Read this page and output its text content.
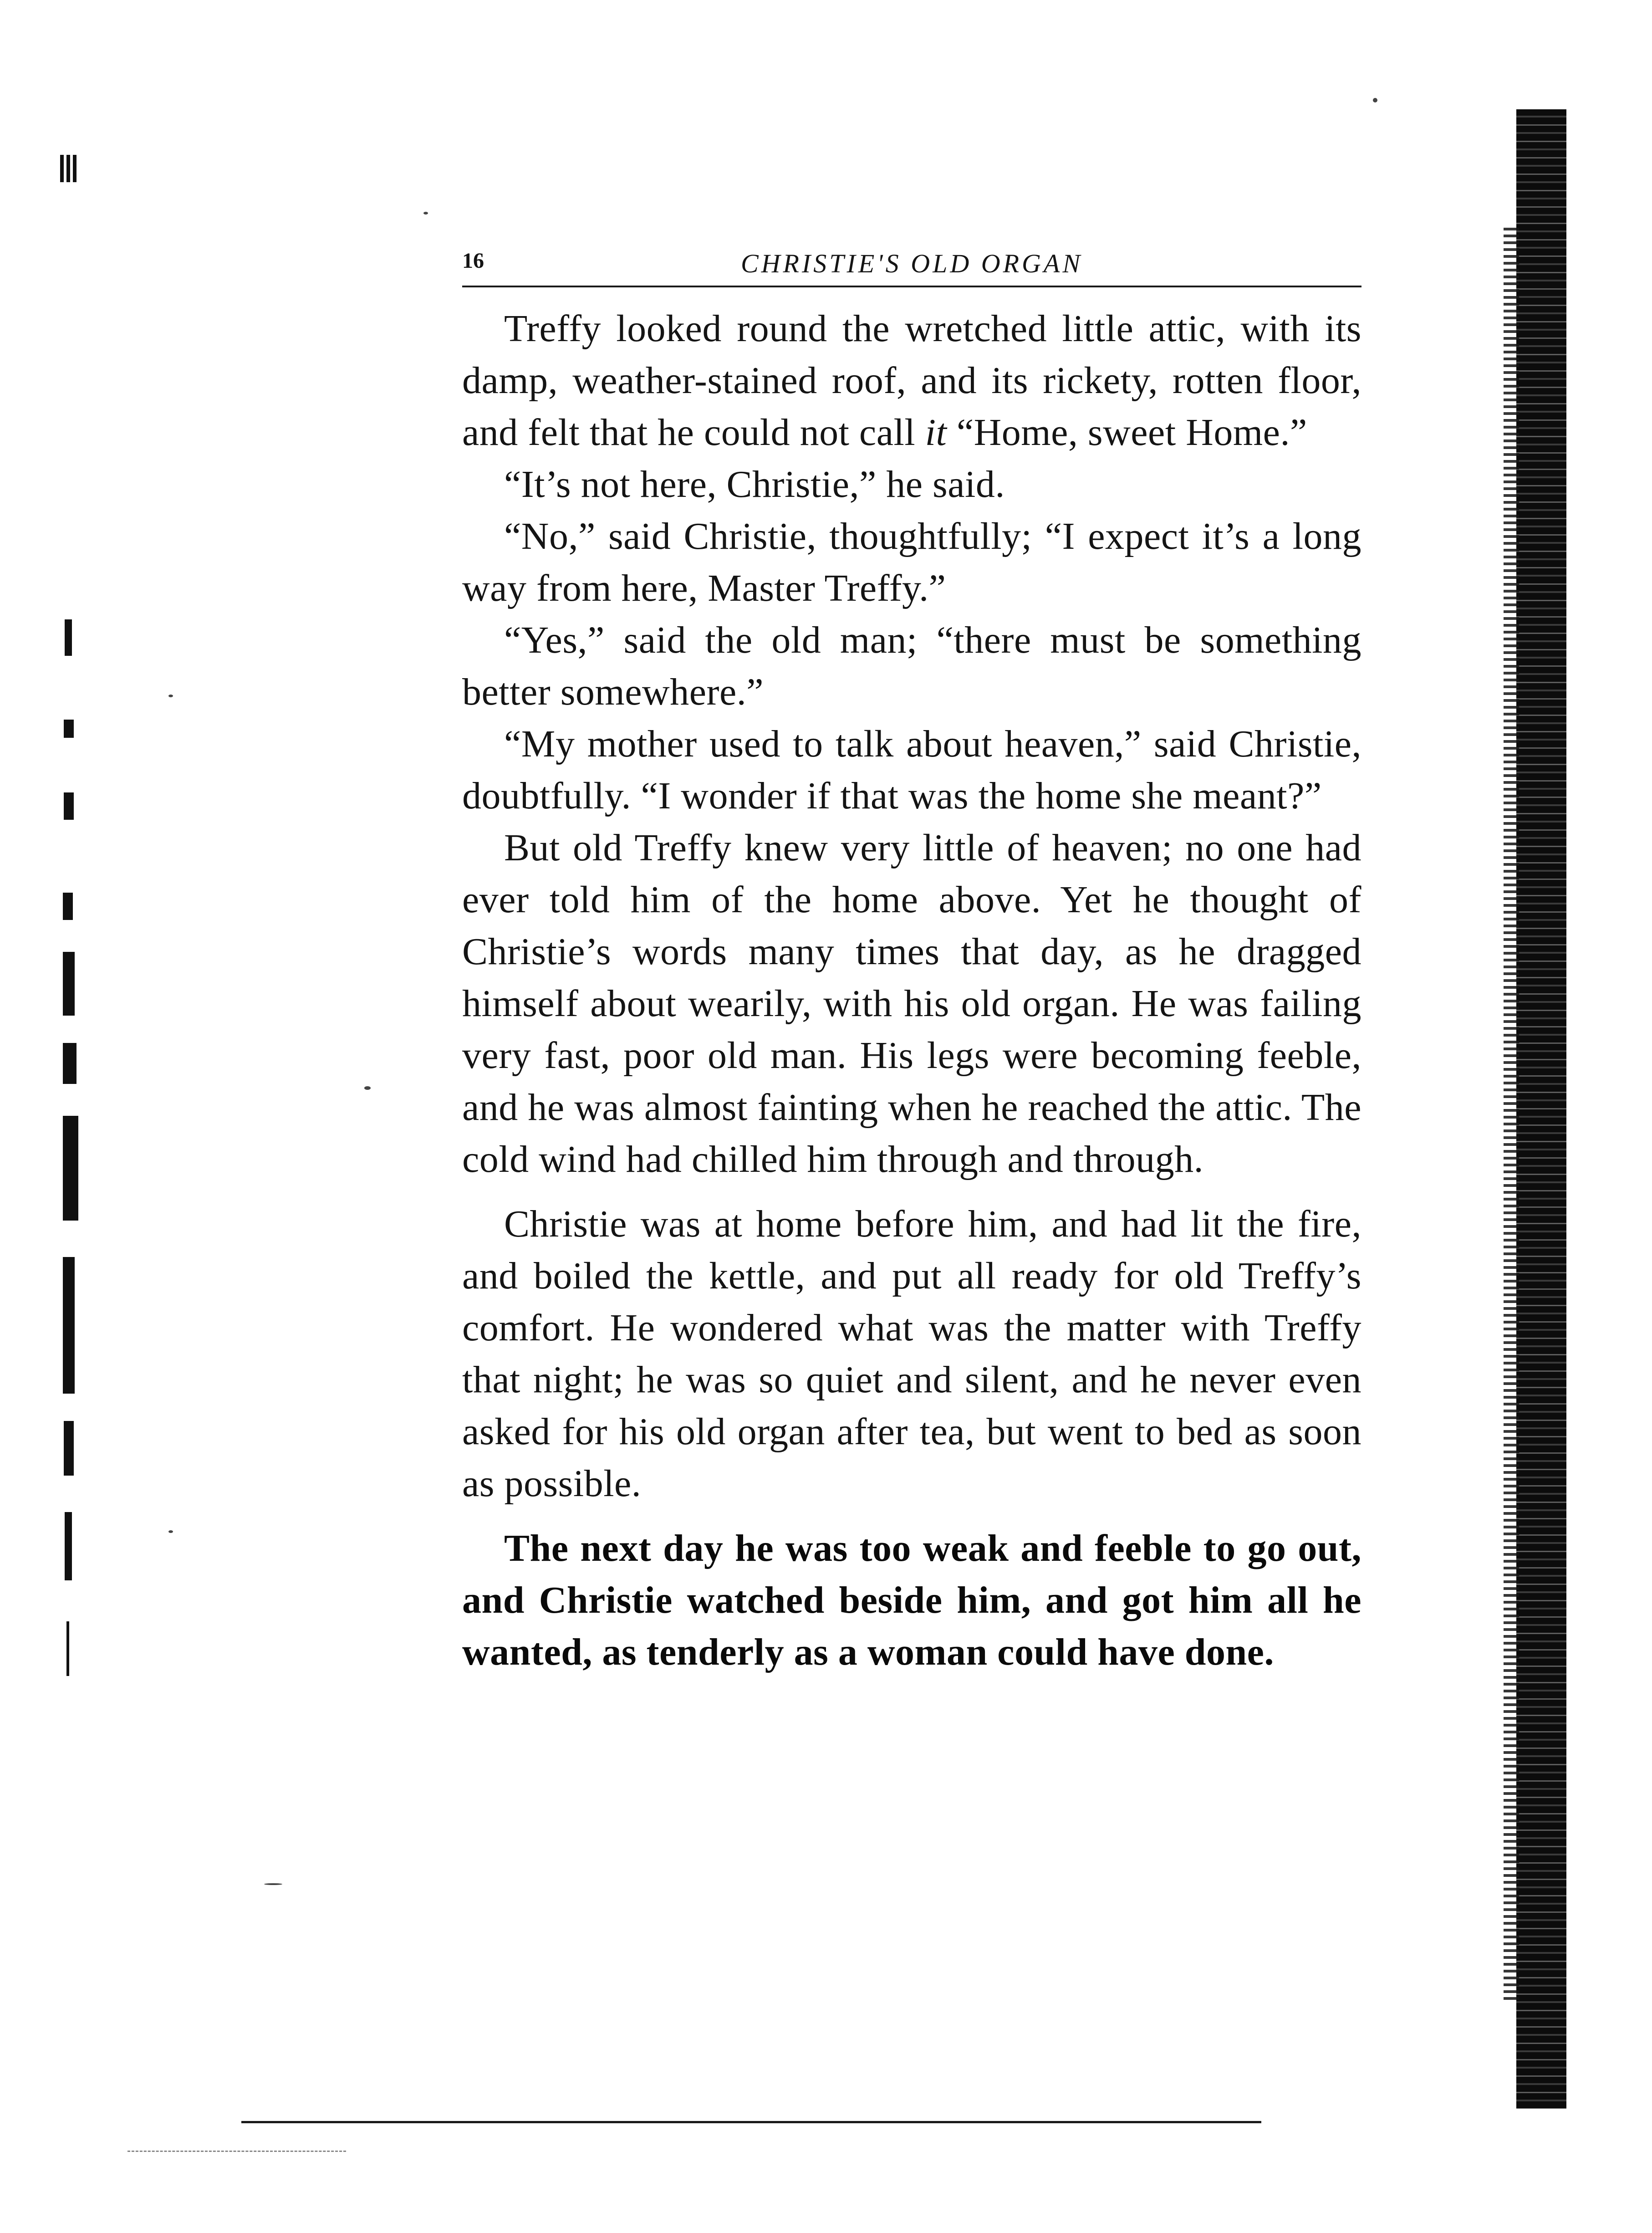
16	CHRISTIE'S OLD ORGAN

Treffy looked round the wretched little attic, with its damp, weather-stained roof, and its rickety, rotten floor, and felt that he could not call it “Home, sweet Home.”

“It’s not here, Christie,” he said.

“No,” said Christie, thoughtfully; “I expect it’s a long way from here, Master Treffy.”

“Yes,” said the old man; “there must be something better somewhere.”

“My mother used to talk about heaven,” said Christie, doubtfully. “I wonder if that was the home she meant?”

But old Treffy knew very little of heaven; no one had ever told him of the home above. Yet he thought of Christie’s words many times that day, as he dragged himself about wearily, with his old organ. He was failing very fast, poor old man. His legs were becoming feeble, and he was almost fainting when he reached the attic. The cold wind had chilled him through and through.

Christie was at home before him, and had lit the fire, and boiled the kettle, and put all ready for old Treffy’s comfort. He wondered what was the matter with Treffy that night; he was so quiet and silent, and he never even asked for his old organ after tea, but went to bed as soon as possible.

The next day he was too weak and feeble to go out, and Christie watched beside him, and got him all he wanted, as tenderly as a woman could have done.
